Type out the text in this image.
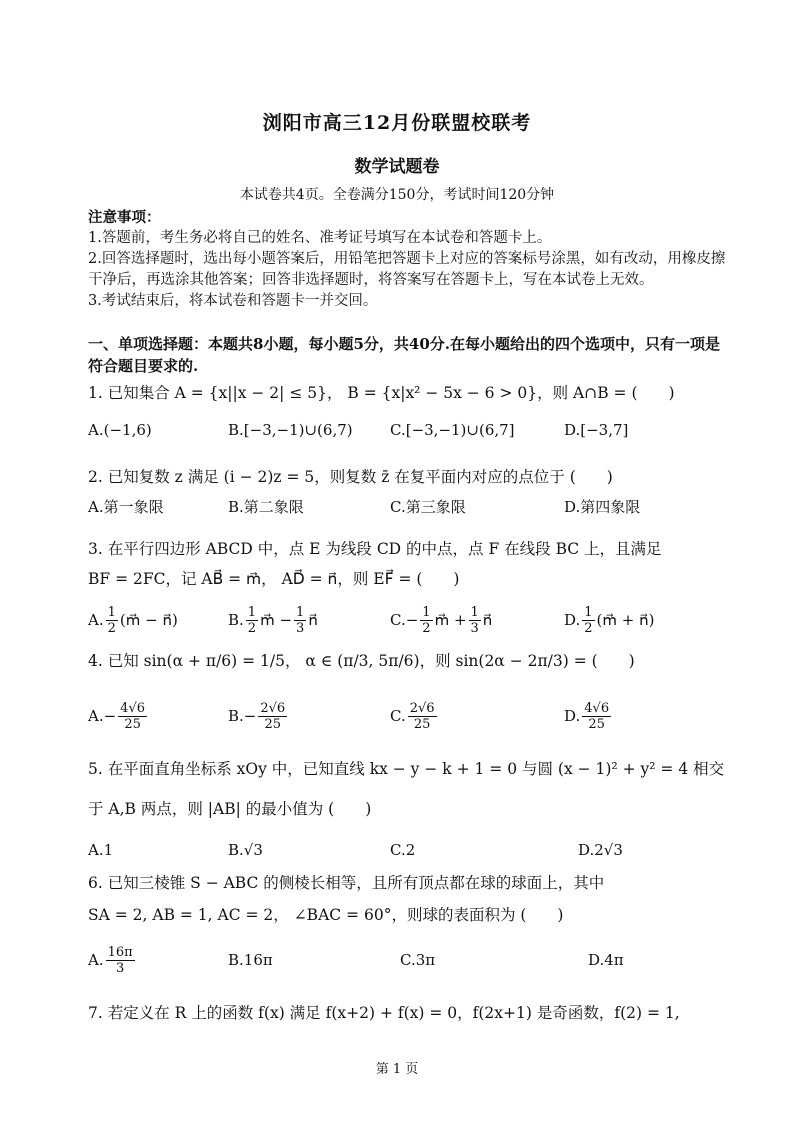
浏阳市高三12月份联盟校联考
数学试题卷
本试卷共4页。全卷满分150分，考试时间120分钟
注意事项：
1.答题前，考生务必将自己的姓名、准考证号填写在本试卷和答题卡上。
2.回答选择题时，选出每小题答案后，用铅笔把答题卡上对应的答案标号涂黑，如有改动，用橡皮擦干净后，再选涂其他答案；回答非选择题时，将答案写在答题卡上，写在本试卷上无效。
3.考试结束后，将本试卷和答题卡一并交回。
一、单项选择题：本题共8小题，每小题5分，共40分.在每小题给出的四个选项中，只有一项是符合题目要求的.
1. 已知集合 A = {x||x − 2| ≤ 5}， B = {x|x² − 5x − 6 > 0}，则 A∩B = (　　)
A.(−1,6)	B.[−3,−1)∪(6,7) C.[−3,−1)∪(6,7]	D.[−3,7]
2. 已知复数 z 满足 (i − 2)z = 5，则复数 z̄ 在复平面内对应的点位于 (　　)
A.第一象限	B.第二象限	C.第三象限	D.第四象限
3. 在平行四边形 ABCD 中，点 E 为线段 CD 的中点，点 F 在线段 BC 上，且满足
BF = 2FC，记 AB⃗ = m⃗， AD⃗ = n⃗，则 EF⃗ = (　　)
A. $\frac{1}{2}$ (m⃗ − n⃗)	B. $\frac{1}{2}$ m⃗ − $\frac{1}{3}$ n⃗	$C.- \frac{1}{2}$ m⃗ + $\frac{1}{3}$ n⃗	D. $\frac{1}{2}$ (m⃗ + n⃗)
4. 已知 sin(α + π/6) = 1/5， α ∈ (π/3, 5π/6)，则 sin(2α − 2π/3) = (　　)
$A.- \frac{4√6}{25}$	$B.- \frac{2√6}{25}$	C. $\frac{2√6}{25}$	D. $\frac{4√6}{25}$
5. 在平面直角坐标系 xOy 中，已知直线 kx − y − k + 1 = 0 与圆 (x − 1)² + y² = 4 相交
于 A,B 两点，则 |AB| 的最小值为 (　　)
A.1	B.√3	C.2	D.2√3
6. 已知三棱锥 S − ABC 的侧棱长相等，且所有顶点都在球的球面上，其中
SA = 2, AB = 1, AC = 2， ∠BAC = 60°，则球的表面积为 (　　)
A. $\frac{16\pi}{3}$	B.16π	C.3π	D.4π
7. 若定义在 R 上的函数 f(x) 满足 f(x+2) + f(x) = 0，f(2x+1) 是奇函数，f(2) = 1,
第 1 页
